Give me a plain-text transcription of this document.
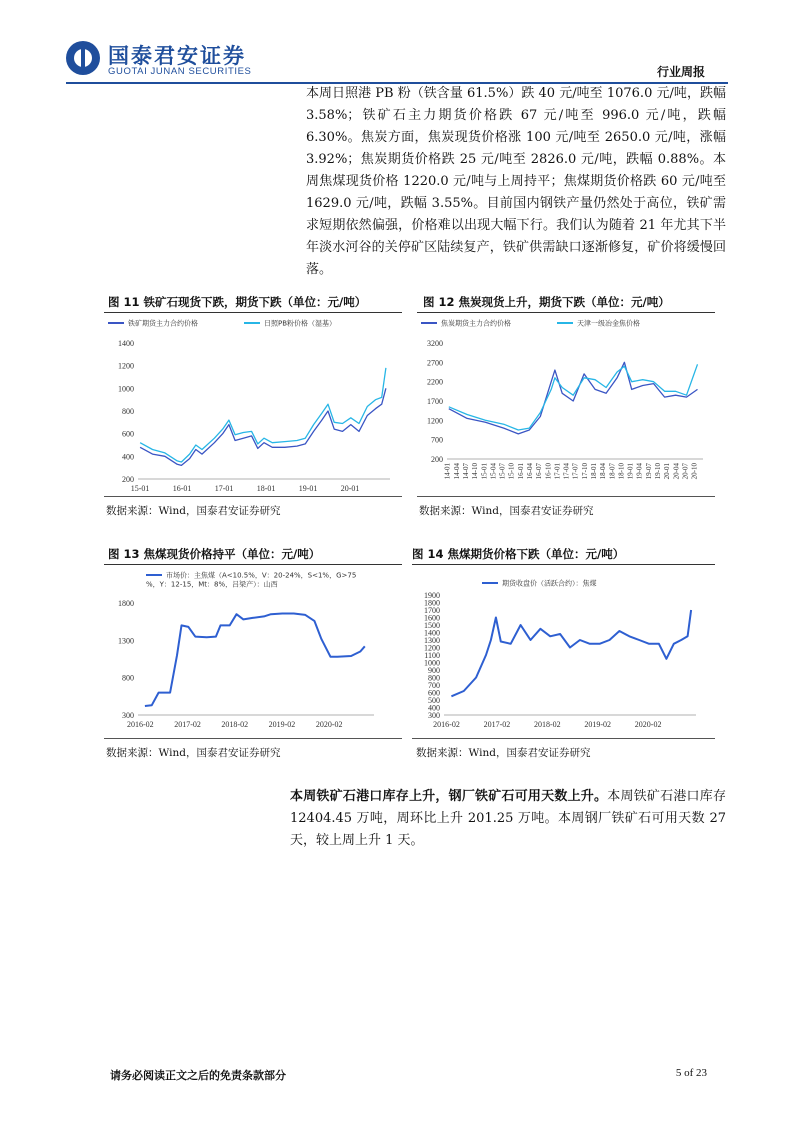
国泰君安证券
GUOTAI JUNAN SECURITIES	行业周报
本周日照港 PB 粉（铁含量 61.5%）跌 40 元/吨至 1076.0 元/吨，跌幅 3.58%；铁矿石主力期货价格跌 67 元/吨至 996.0 元/吨，跌幅 6.30%。焦炭方面，焦炭现货价格涨 100 元/吨至 2650.0 元/吨，涨幅 3.92%；焦炭期货价格跌 25 元/吨至 2826.0 元/吨，跌幅 0.88%。本周焦煤现货价格 1220.0 元/吨与上周持平；焦煤期货价格跌 60 元/吨至 1629.0 元/吨，跌幅 3.55%。目前国内钢铁产量仍然处于高位，铁矿需求短期依然偏强，价格难以出现大幅下行。我们认为随着 21 年尤其下半年淡水河谷的关停矿区陆续复产，铁矿供需缺口逐渐修复，矿价将缓慢回落。
图 11 铁矿石现货下跌，期货下跌（单位：元/吨）
200
400
600
800
1000
1200
1400
15-01	16-01	17-01	18-01	19-01	20-01
铁矿期货主力合约价格	日照PB粉价格（湿基）
数据来源：Wind，国泰君安证券研究
图 12 焦炭现货上升，期货下跌（单位：元/吨）
200
700
1200
1700
2200
2700
3200
14-01 14-04 14-07 14-10 15-01 15-04 15-07 15-10 16-01 16-04 16-07 16-10 17-01 17-04 17-07 17-10 18-01 18-04 18-07 18-10 19-01 19-04 19-07 19-10 20-01 20-04 20-07 20-10
焦炭期货主力合约价格	天津一级冶金焦价格
数据来源：Wind，国泰君安证券研究
图 13 焦煤现货价格持平（单位：元/吨）
300
800
1300
1800
2016-02	2017-02	2018-02	2019-02	2020-02
市场价：主焦煤（A<10.5%，V：20-24%，S<1%，G>75 %，Y：12-15，Mt：8%，吕梁产）：山西
数据来源：Wind，国泰君安证券研究
图 14 焦煤期货价格下跌（单位：元/吨）
300
400
500
600
700
800
900
1000
1100
1200
1300
1400
1500
1600
1700
1800
1900
2016-02	2017-02	2018-02	2019-02	2020-02
期货收盘价（活跃合约）：焦煤
数据来源：Wind，国泰君安证券研究
本周铁矿石港口库存上升，钢厂铁矿石可用天数上升。本周铁矿石港口库存 12404.45 万吨，周环比上升 201.25 万吨。本周钢厂铁矿石可用天数 27 天，较上周上升 1 天。
请务必阅读正文之后的免责条款部分	5 of 23
